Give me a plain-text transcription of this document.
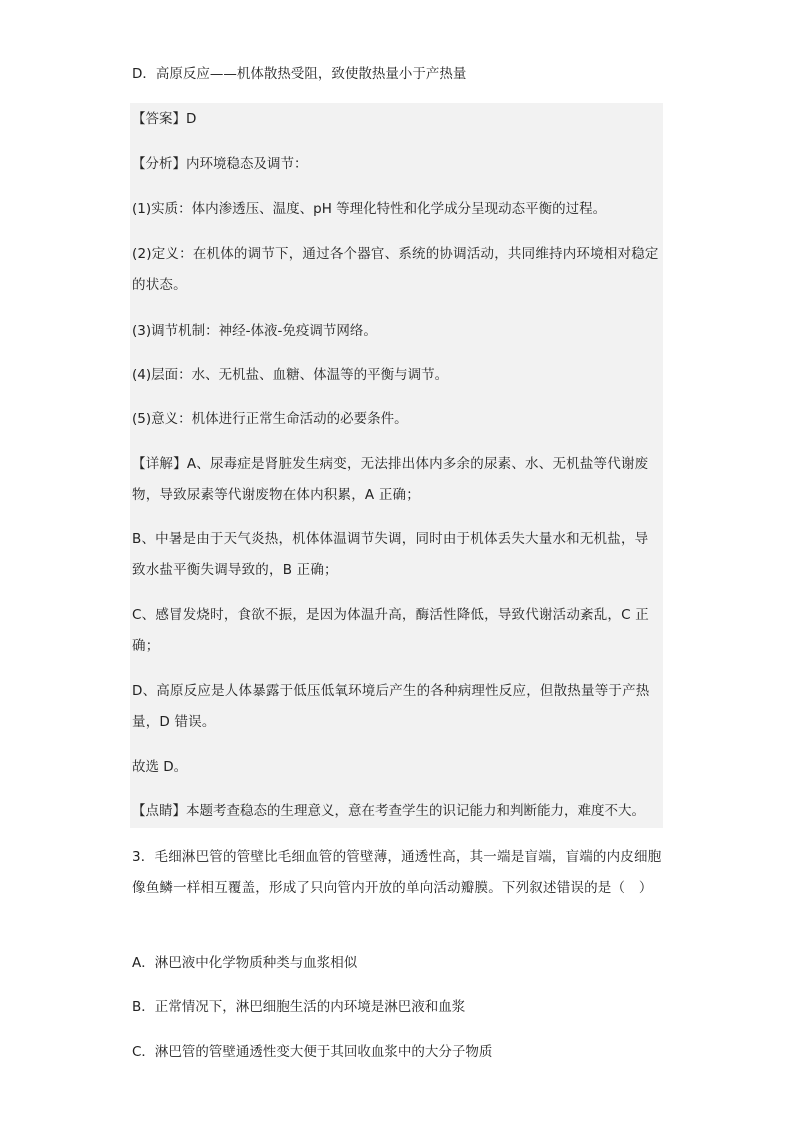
D．高原反应——机体散热受阻，致使散热量小于产热量
【答案】D
【分析】内环境稳态及调节：
(1)实质：体内渗透压、温度、pH 等理化特性和化学成分呈现动态平衡的过程。
(2)定义：在机体的调节下，通过各个器官、系统的协调活动，共同维持内环境相对稳定的状态。
(3)调节机制：神经-体液-免疫调节网络。
(4)层面：水、无机盐、血糖、体温等的平衡与调节。
(5)意义：机体进行正常生命活动的必要条件。
【详解】A、尿毒症是肾脏发生病变，无法排出体内多余的尿素、水、无机盐等代谢废物，导致尿素等代谢废物在体内积累，A 正确；
B、中暑是由于天气炎热，机体体温调节失调，同时由于机体丢失大量水和无机盐，导致水盐平衡失调导致的，B 正确；
C、感冒发烧时，食欲不振，是因为体温升高，酶活性降低，导致代谢活动紊乱，C 正确；
D、高原反应是人体暴露于低压低氧环境后产生的各种病理性反应，但散热量等于产热量，D 错误。
故选 D。
【点睛】本题考查稳态的生理意义，意在考查学生的识记能力和判断能力，难度不大。
3．毛细淋巴管的管壁比毛细血管的管壁薄，通透性高，其一端是盲端，盲端的内皮细胞像鱼鳞一样相互覆盖，形成了只向管内开放的单向活动瓣膜。下列叙述错误的是（　）
A．淋巴液中化学物质种类与血浆相似
B．正常情况下，淋巴细胞生活的内环境是淋巴液和血浆
C．淋巴管的管壁通透性变大便于其回收血浆中的大分子物质
